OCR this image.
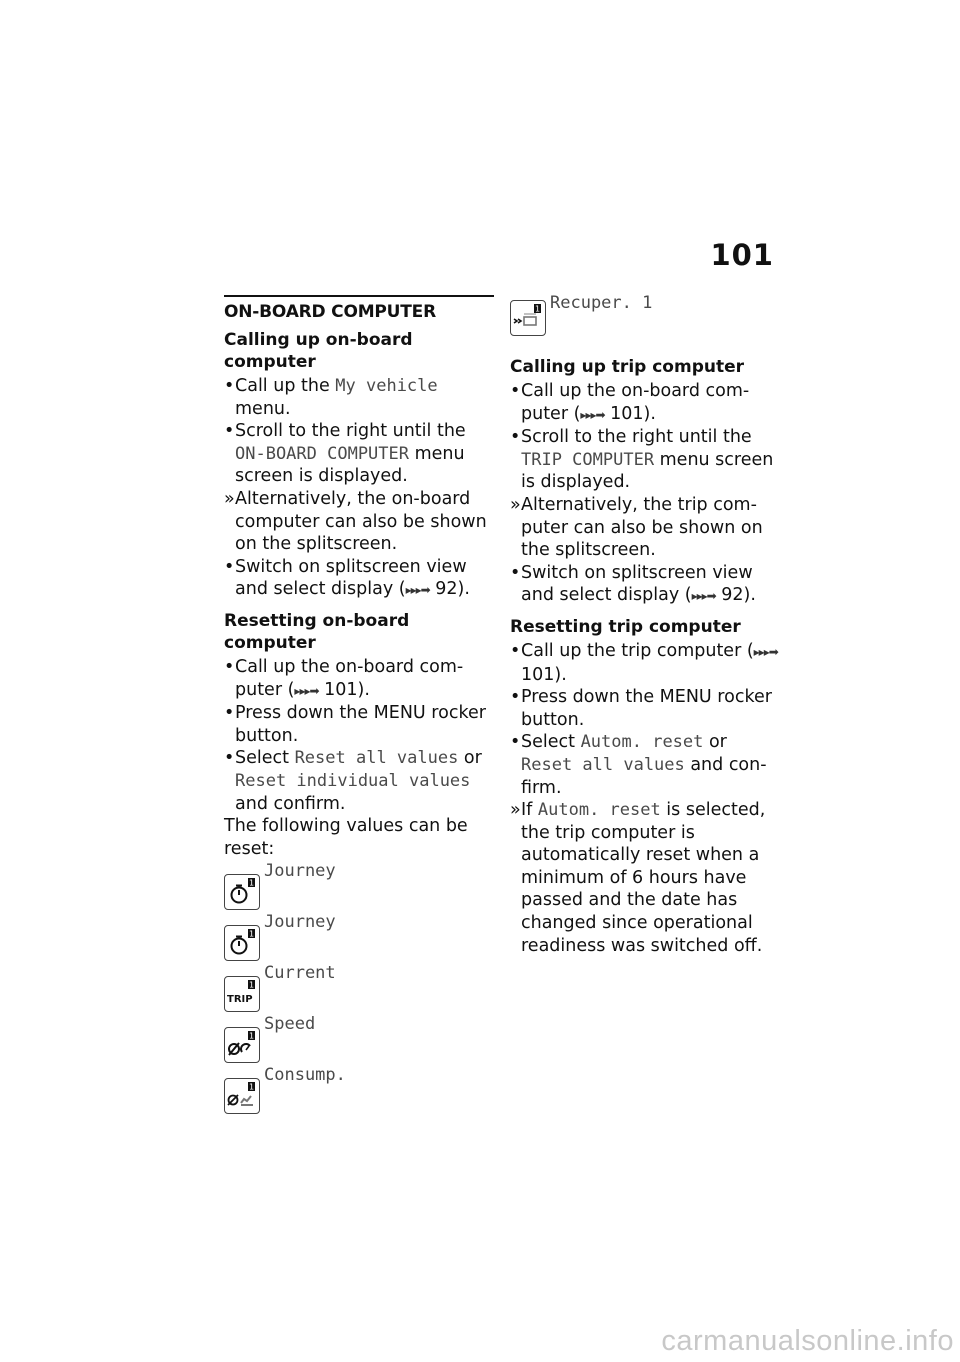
101
ON-BOARD COMPUTER
Calling up on-board computer
• Call up the My vehicle menu.
• Scroll to the right until the ON-BOARD COMPUTER menu screen is displayed.
» Alternatively, the on-board computer can also be shown on the splitscreen.
• Switch on splitscreen view and select display (▸▸▸➡ 92).
Resetting on-board computer
• Call up the on-board computer (▸▸▸➡ 101).
• Press down the MENU rocker button.
• Select Reset all values or Reset individual values and confirm.
The following values can be reset:
1
Journey
1
Journey
1
TRIP
Current
1
Speed
1
Consump.
1 Recuper. 1
Calling up trip computer
• Call up the on-board computer (▸▸▸➡ 101).
• Scroll to the right until the TRIP COMPUTER menu screen is displayed.
» Alternatively, the trip computer can also be shown on the splitscreen.
• Switch on splitscreen view and select display (▸▸▸➡ 92).
Resetting trip computer
• Call up the trip computer (▸▸▸➡ 101).
• Press down the MENU rocker button.
• Select Autom. reset or Reset all values and confirm.
» If Autom. reset is selected, the trip computer is automatically reset when a minimum of 6 hours have passed and the date has changed since operational readiness was switched off.
carmanualsonline.info
